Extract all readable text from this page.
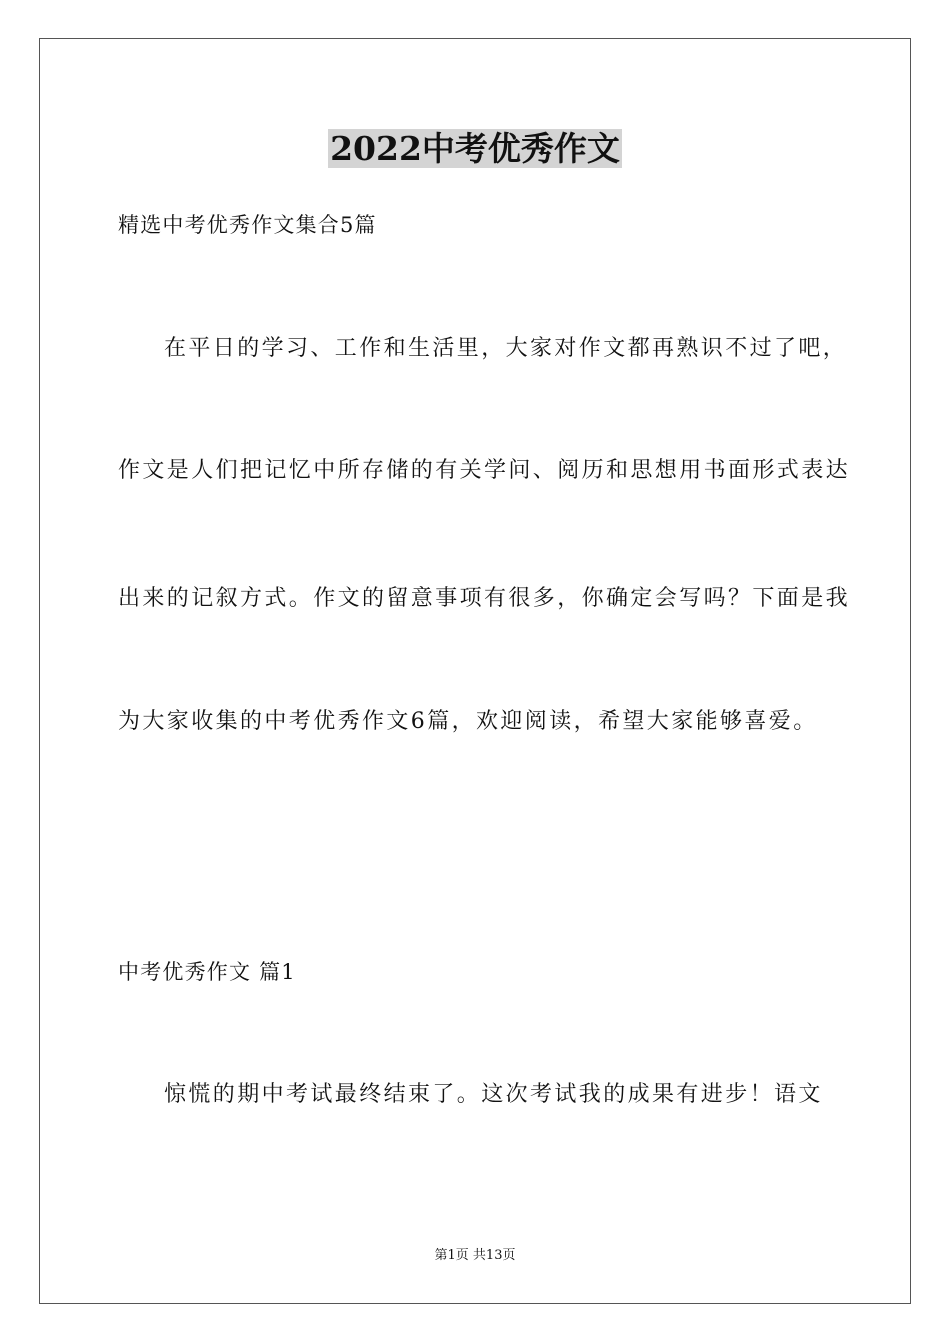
2022中考优秀作文
精选中考优秀作文集合5篇
在平日的学习、工作和生活里，大家对作文都再熟识不过了吧，
作文是人们把记忆中所存储的有关学问、阅历和思想用书面形式表达
出来的记叙方式。作文的留意事项有很多，你确定会写吗？下面是我
为大家收集的中考优秀作文6篇，欢迎阅读，希望大家能够喜爱。
中考优秀作文 篇1
惊慌的期中考试最终结束了。这次考试我的成果有进步！语文
第1页 共13页
